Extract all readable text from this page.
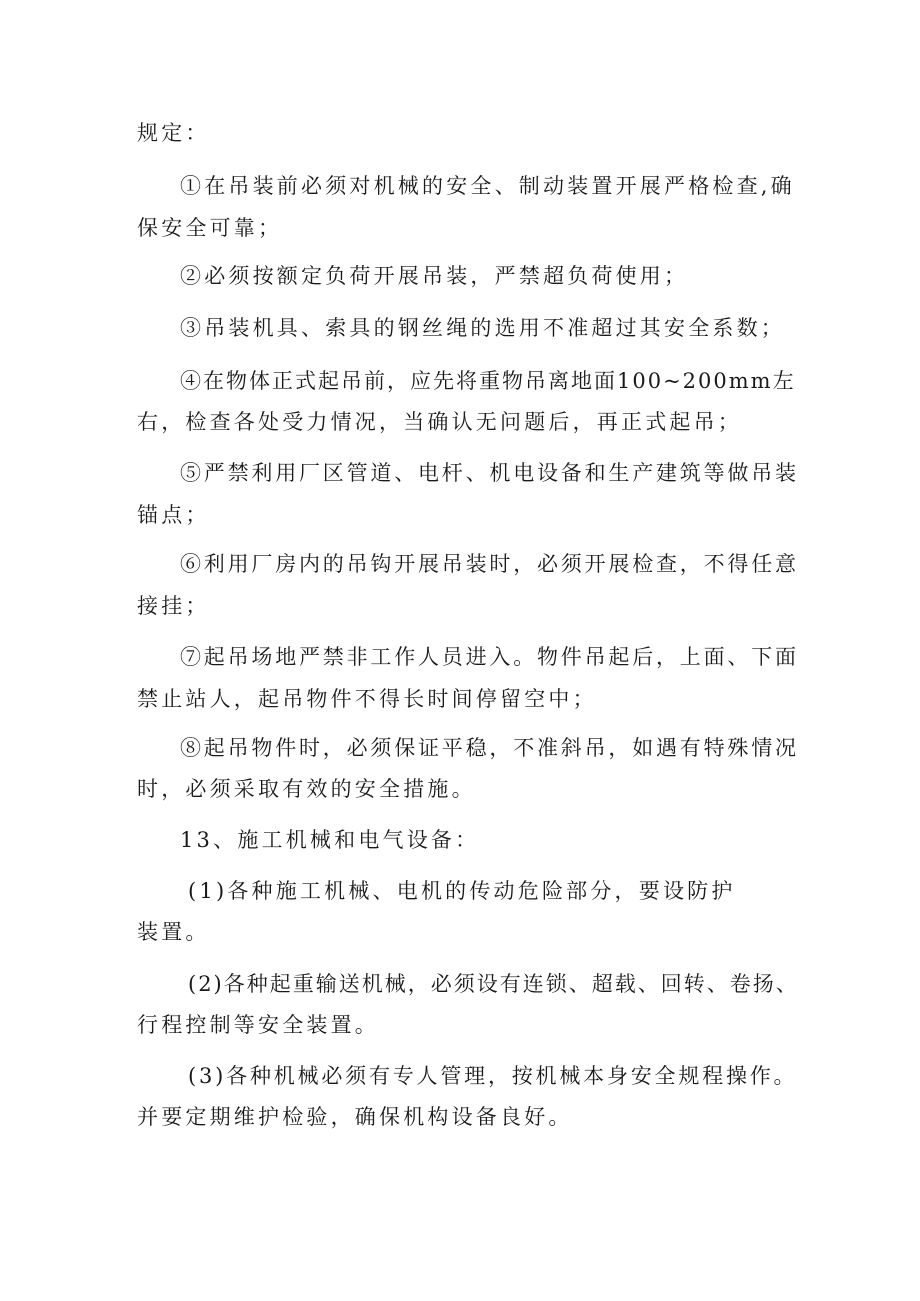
规定：
①在吊装前必须对机械的安全、制动装置开展严格检查,确
保安全可靠；
②必须按额定负荷开展吊装，严禁超负荷使用；
③吊装机具、索具的钢丝绳的选用不准超过其安全系数；
④在物体正式起吊前，应先将重物吊离地面100~200mm左
右，检查各处受力情况，当确认无问题后，再正式起吊；
⑤严禁利用厂区管道、电杆、机电设备和生产建筑等做吊装
锚点；
⑥利用厂房内的吊钩开展吊装时，必须开展检查，不得任意
接挂；
⑦起吊场地严禁非工作人员进入。物件吊起后，上面、下面
禁止站人，起吊物件不得长时间停留空中；
⑧起吊物件时，必须保证平稳，不准斜吊，如遇有特殊情况
时，必须采取有效的安全措施。
13、施工机械和电气设备：
(1)各种施工机械、电机的传动危险部分，要设防护
装置。
(2)各种起重输送机械，必须设有连锁、超载、回转、卷扬、
行程控制等安全装置。
(3)各种机械必须有专人管理，按机械本身安全规程操作。
并要定期维护检验，确保机构设备良好。
